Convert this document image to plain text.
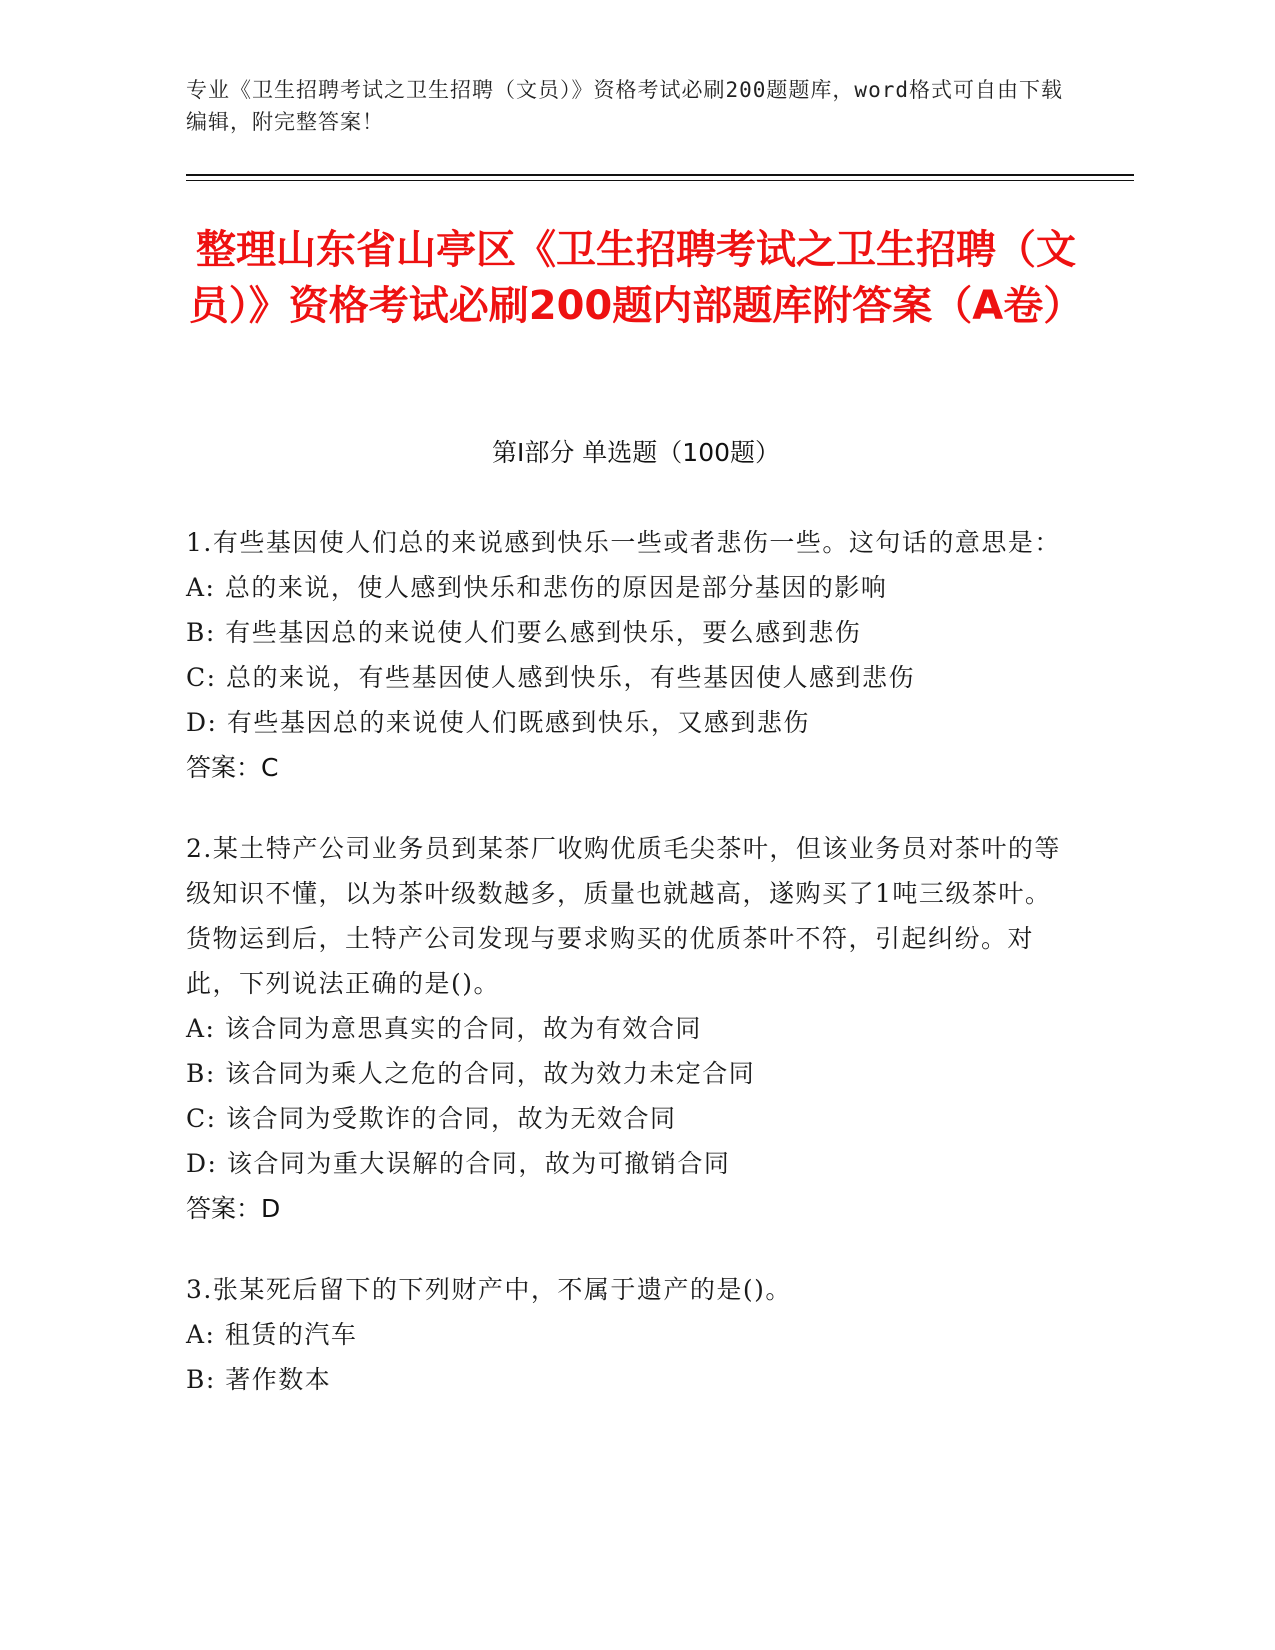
专业《卫生招聘考试之卫生招聘（文员）》资格考试必刷200题题库，word格式可自由下载编辑，附完整答案！
整理山东省山亭区《卫生招聘考试之卫生招聘（文员）》资格考试必刷200题内部题库附答案（A卷）
第Ⅰ部分 单选题（100题）
1.有些基因使人们总的来说感到快乐一些或者悲伤一些。这句话的意思是：
A: 总的来说，使人感到快乐和悲伤的原因是部分基因的影响
B: 有些基因总的来说使人们要么感到快乐，要么感到悲伤
C: 总的来说，有些基因使人感到快乐，有些基因使人感到悲伤
D: 有些基因总的来说使人们既感到快乐，又感到悲伤
答案：C
2.某土特产公司业务员到某茶厂收购优质毛尖茶叶，但该业务员对茶叶的等级知识不懂，以为茶叶级数越多，质量也就越高，遂购买了1吨三级茶叶。货物运到后，土特产公司发现与要求购买的优质茶叶不符，引起纠纷。对此，下列说法正确的是()。
A: 该合同为意思真实的合同，故为有效合同
B: 该合同为乘人之危的合同，故为效力未定合同
C: 该合同为受欺诈的合同，故为无效合同
D: 该合同为重大误解的合同，故为可撤销合同
答案：D
3.张某死后留下的下列财产中，不属于遗产的是()。
A: 租赁的汽车
B: 著作数本
